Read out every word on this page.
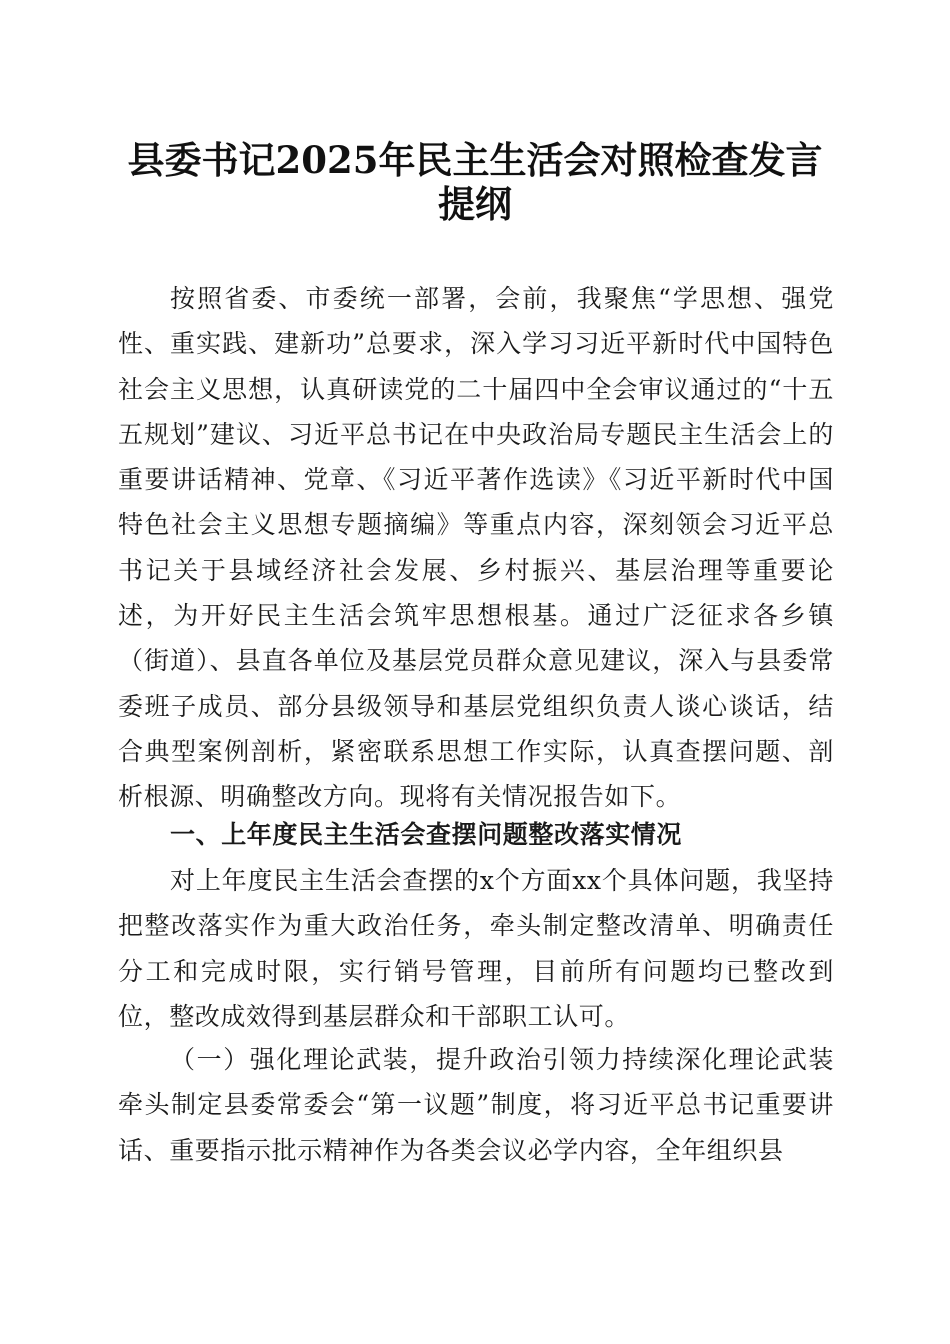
县委书记2025年民主生活会对照检查发言提纲

按照省委、市委统一部署，会前，我聚焦“学思想、强党性、重实践、建新功”总要求，深入学习习近平新时代中国特色社会主义思想，认真研读党的二十届四中全会审议通过的“十五五规划”建议、习近平总书记在中央政治局专题民主生活会上的重要讲话精神、党章、《习近平著作选读》《习近平新时代中国特色社会主义思想专题摘编》等重点内容，深刻领会习近平总书记关于县域经济社会发展、乡村振兴、基层治理等重要论述，为开好民主生活会筑牢思想根基。通过广泛征求各乡镇（街道）、县直各单位及基层党员群众意见建议，深入与县委常委班子成员、部分县级领导和基层党组织负责人谈心谈话，结合典型案例剖析，紧密联系思想工作实际，认真查摆问题、剖析根源、明确整改方向。现将有关情况报告如下。

一、上年度民主生活会查摆问题整改落实情况

对上年度民主生活会查摆的x个方面xx个具体问题，我坚持把整改落实作为重大政治任务，牵头制定整改清单、明确责任分工和完成时限，实行销号管理，目前所有问题均已整改到位，整改成效得到基层群众和干部职工认可。

（一）强化理论武装，提升政治引领力持续深化理论武装牵头制定县委常委会“第一议题”制度，将习近平总书记重要讲话、重要指示批示精神作为各类会议必学内容，全年组织县
